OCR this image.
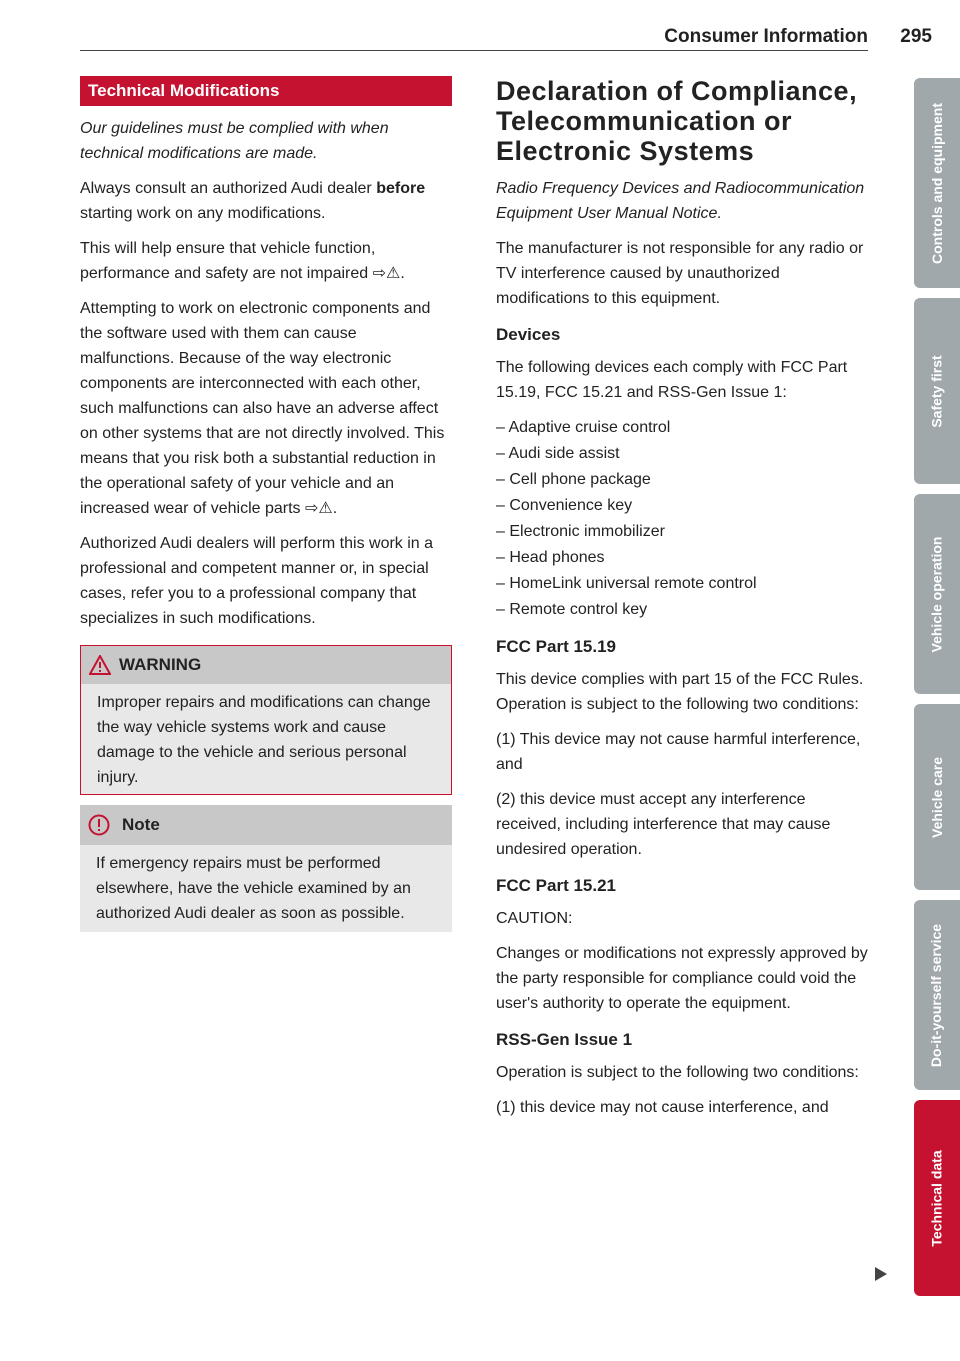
Consumer Information 295
Technical Modifications

Our guidelines must be complied with when technical modifications are made.

Always consult an authorized Audi dealer before starting work on any modifications.

This will help ensure that vehicle function, performance and safety are not impaired ⇨⚠.

Attempting to work on electronic components and the software used with them can cause malfunctions. Because of the way electronic components are interconnected with each other, such malfunctions can also have an adverse affect on other systems that are not directly involved. This means that you risk both a substantial reduction in the operational safety of your vehicle and an increased wear of vehicle parts ⇨⚠.

Authorized Audi dealers will perform this work in a professional and competent manner or, in special cases, refer you to a professional company that specializes in such modifications.

WARNING
Improper repairs and modifications can change the way vehicle systems work and cause damage to the vehicle and serious personal injury.
Note
If emergency repairs must be performed elsewhere, have the vehicle examined by an authorized Audi dealer as soon as possible.
Declaration of Compliance, Telecommunication or Electronic Systems

Radio Frequency Devices and Radiocommunication Equipment User Manual Notice.

The manufacturer is not responsible for any radio or TV interference caused by unauthorized modifications to this equipment.

Devices

The following devices each comply with FCC Part 15.19, FCC 15.21 and RSS-Gen Issue 1:

– Adaptive cruise control
– Audi side assist
– Cell phone package
– Convenience key
– Electronic immobilizer
– Head phones
– HomeLink universal remote control
– Remote control key
FCC Part 15.19

This device complies with part 15 of the FCC Rules. Operation is subject to the following two conditions:

(1) This device may not cause harmful interference, and

(2) this device must accept any interference received, including interference that may cause undesired operation.

FCC Part 15.21

CAUTION:

Changes or modifications not expressly approved by the party responsible for compliance could void the user's authority to operate the equipment.

RSS-Gen Issue 1

Operation is subject to the following two conditions:

(1) this device may not cause interference, and

Controls and equipment
Safety first
Vehicle operation
Vehicle care
Do-it-yourself service
Technical data
